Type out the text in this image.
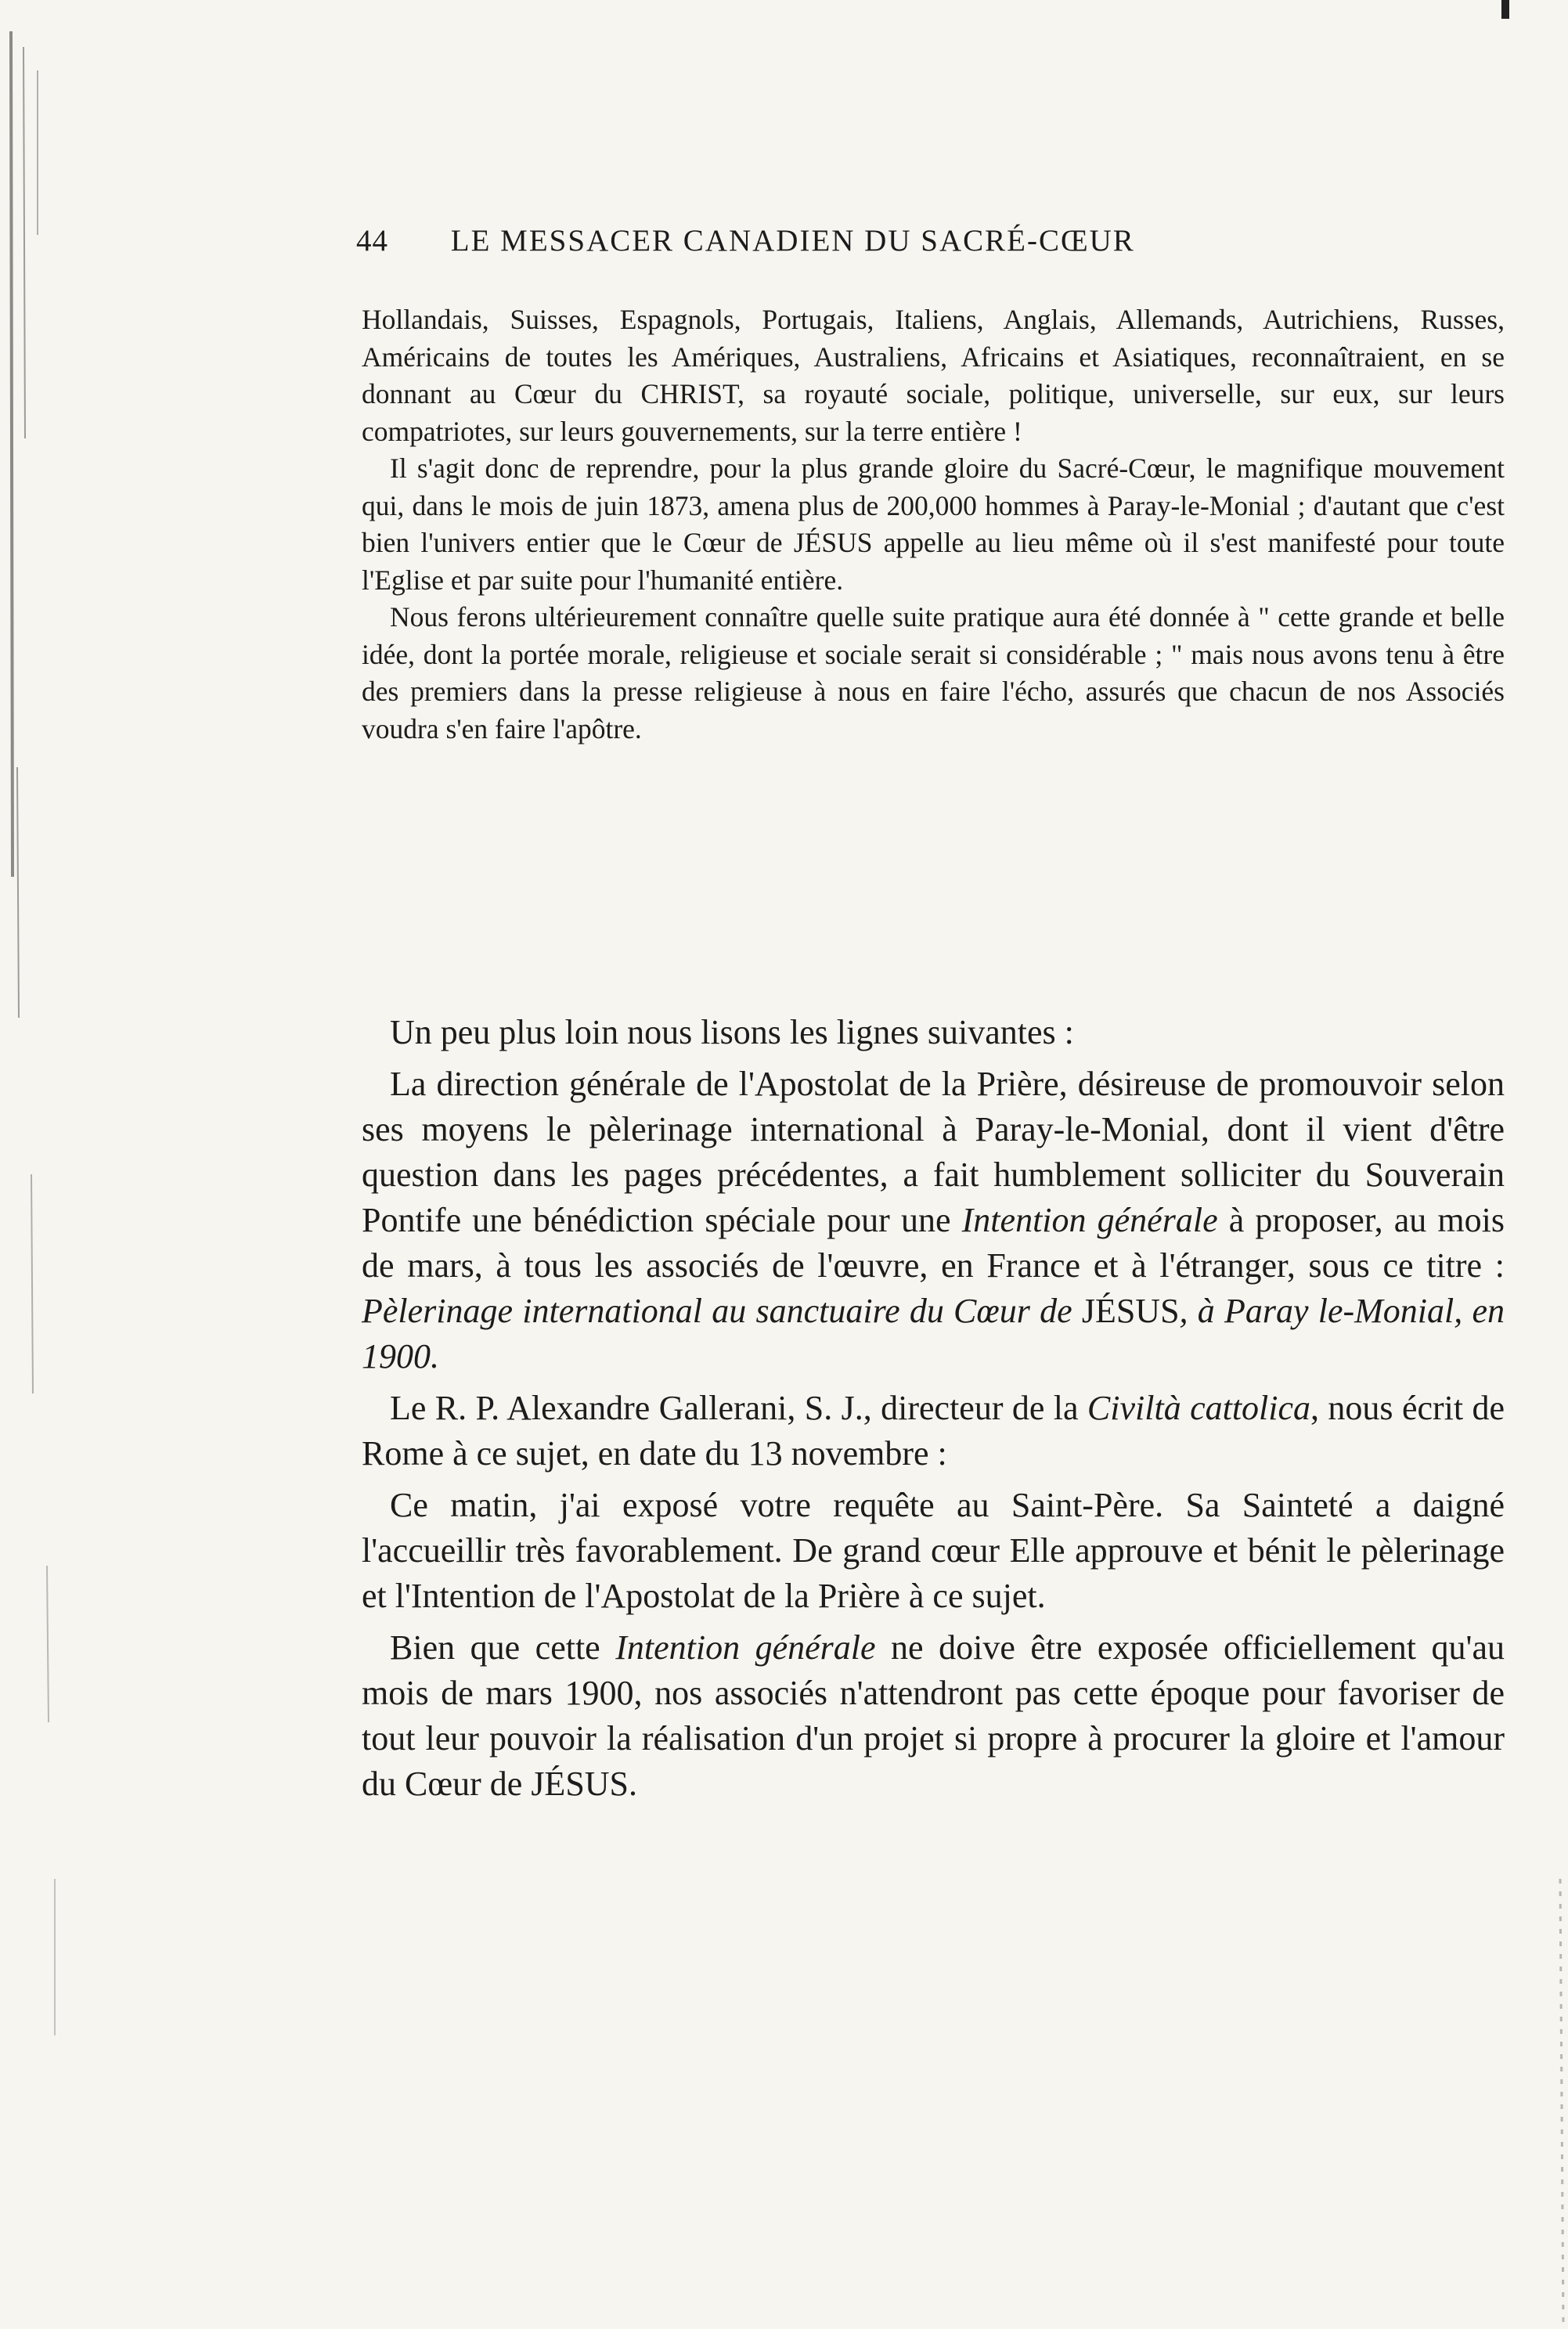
44 LE MESSACER CANADIEN DU SACRÉ-CŒUR

Hollandais, Suisses, Espagnols, Portugais, Italiens, Anglais, Allemands, Autrichiens, Russes, Américains de toutes les Amériques, Australiens, Africains et Asiatiques, reconnaîtraient, en se donnant au Cœur du CHRIST, sa royauté sociale, politique, universelle, sur eux, sur leurs compatriotes, sur leurs gouvernements, sur la terre entière !

Il s'agit donc de reprendre, pour la plus grande gloire du Sacré-Cœur, le magnifique mouvement qui, dans le mois de juin 1873, amena plus de 200,000 hommes à Paray-le-Monial ; d'autant que c'est bien l'univers entier que le Cœur de JÉSUS appelle au lieu même où il s'est manifesté pour toute l'Eglise et par suite pour l'humanité entière.

Nous ferons ultérieurement connaître quelle suite pratique aura été donnée à " cette grande et belle idée, dont la portée morale, religieuse et sociale serait si considérable ; " mais nous avons tenu à être des premiers dans la presse religieuse à nous en faire l'écho, assurés que chacun de nos Associés voudra s'en faire l'apôtre.

Un peu plus loin nous lisons les lignes suivantes :

La direction générale de l'Apostolat de la Prière, désireuse de promouvoir selon ses moyens le pèlerinage international à Paray-le-Monial, dont il vient d'être question dans les pages précédentes, a fait humblement solliciter du Souverain Pontife une bénédiction spéciale pour une Intention générale à proposer, au mois de mars, à tous les associés de l'œuvre, en France et à l'étranger, sous ce titre : Pèlerinage international au sanctuaire du Cœur de JÉSUS, à Paray le-Monial, en 1900.

Le R. P. Alexandre Gallerani, S. J., directeur de la Civiltà cattolica, nous écrit de Rome à ce sujet, en date du 13 novembre :

Ce matin, j'ai exposé votre requête au Saint-Père. Sa Sainteté a daigné l'accueillir très favorablement. De grand cœur Elle approuve et bénit le pèlerinage et l'Intention de l'Apostolat de la Prière à ce sujet.

Bien que cette Intention générale ne doive être exposée officiellement qu'au mois de mars 1900, nos associés n'attendront pas cette époque pour favoriser de tout leur pouvoir la réalisation d'un projet si propre à procurer la gloire et l'amour du Cœur de JÉSUS.
